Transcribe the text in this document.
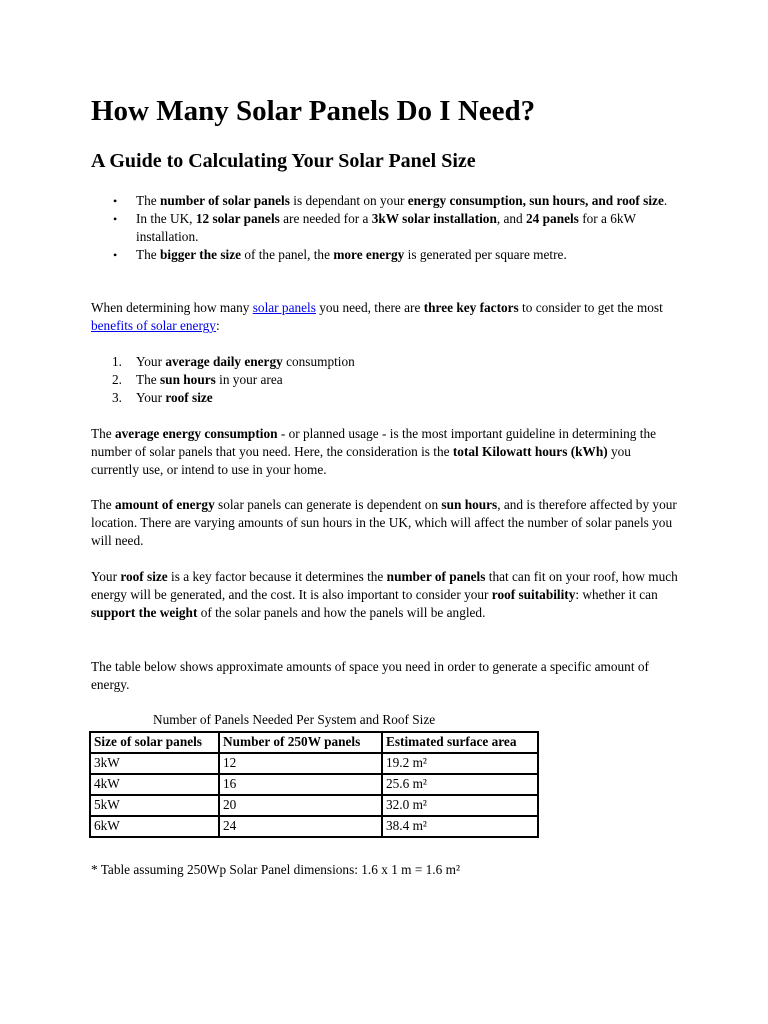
How Many Solar Panels Do I Need?
A Guide to Calculating Your Solar Panel Size
• The number of solar panels is dependant on your energy consumption, sun hours, and roof size.
• In the UK, 12 solar panels are needed for a 3kW solar installation, and 24 panels for a 6kW installation.
• The bigger the size of the panel, the more energy is generated per square metre.
When determining how many solar panels you need, there are three key factors to consider to get the most benefits of solar energy:
1. Your average daily energy consumption
2. The sun hours in your area
3. Your roof size
The average energy consumption - or planned usage - is the most important guideline in determining the number of solar panels that you need. Here, the consideration is the total Kilowatt hours (kWh) you currently use, or intend to use in your home.
The amount of energy solar panels can generate is dependent on sun hours, and is therefore affected by your location. There are varying amounts of sun hours in the UK, which will affect the number of solar panels you will need.
Your roof size is a key factor because it determines the number of panels that can fit on your roof, how much energy will be generated, and the cost. It is also important to consider your roof suitability: whether it can support the weight of the solar panels and how the panels will be angled.
The table below shows approximate amounts of space you need in order to generate a specific amount of energy.
Number of Panels Needed Per System and Roof Size
Size of solar panels	Number of 250W panels	Estimated surface area
3kW	12	19.2 m²
4kW	16	25.6 m²
5kW	20	32.0 m²
6kW	24	38.4 m²
* Table assuming 250Wp Solar Panel dimensions: 1.6 x 1 m = 1.6 m²
